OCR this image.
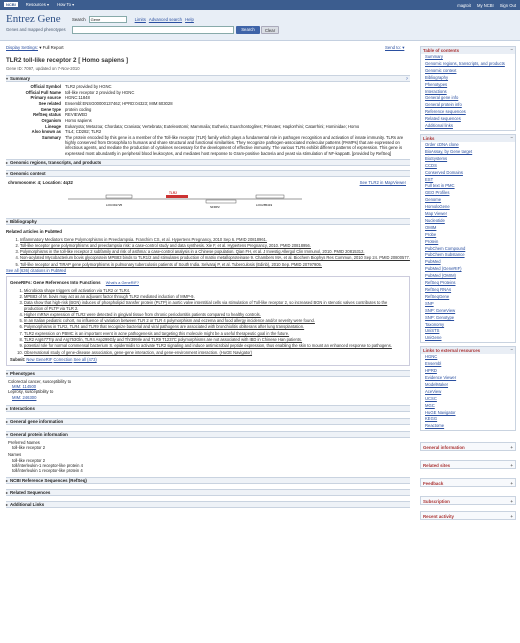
NCBI	Resources ▾ How To ▾	magtoit My NCBI Sign Out
Entrez Gene
Genes and mapped phenotypes
Search	Gene	Limits Advanced search Help
Search	Clear
Display Settings: ▾ Full Report	Send to: ▾
TLR2 toll-like receptor 2 [ Homo sapiens ]
Gene ID: 7097, updated on 7-Nov-2010
▾ Summary	?
Official Symbol	TLR2 provided by HGNC
Official Full Name	toll-like receptor 2 provided by HGNC
Primary source	HGNC:11848
See related	Ensembl:ENSG00000137462; HPRD:04323; MIM:603028
Gene type	protein coding
RefSeq status	REVIEWED
Organism	Homo sapiens
Lineage	Eukaryota; Metazoa; Chordata; Craniata; Vertebrata; Euteleostomi; Mammalia; Eutheria; Euarchontoglires; Primates; Haplorrhini; Catarrhini; Hominidae; Homo
Also known as	TIL4; CD282; TLR2
Summary	The protein encoded by this gene is a member of the Toll-like receptor (TLR) family which plays a fundamental role in pathogen recognition and activation of innate immunity. TLRs are highly conserved from Drosophila to humans and share structural and functional similarities. They recognize pathogen-associated molecular patterns (PAMPs) that are expressed on infectious agents, and mediate the production of cytokines necessary for the development of effective immunity. The various TLRs exhibit different patterns of expression. This gene is expressed most abundantly in peripheral blood leukocytes, and mediates host response to Gram-positive bacteria and yeast via stimulation of NF-kappaB. [provided by RefSeq]
▸ Genomic regions, transcripts, and products
▾ Genomic context
chromosome: 4; Location: 4q32	See TLR2 in MapViewer
LOC391725
TLR2
SFRP2	LOC285419
▾ Bibliography
Related articles in PubMed
1. Inflammatory Mediators Gene Polymorphisms in Preeclampsia. Franchim CS, et al. Hypertens Pregnancy, 2010 Sep 6. PMID 20818961.
2. Toll-like receptor gene polymorphisms and preeclampsia risk: a case-control study and data synthesis. Xie F, et al. Hypertens Pregnancy, 2010. PMID 20818956.
3. Polymorphisms in the toll-like receptor 2 subfamily and risk of asthma: a case-control analysis in a Chinese population. Qian FH, et al. J Investig Allergol Clin Immunol, 2010. PMID 20815312.
4. Non-acylated Mycobacterium bovis glycoprotein MPB83 binds to TLR1/2 and stimulates production of matrix metalloproteinase 9. Chambers MA, et al. Biochem Biophys Res Commun, 2010 Sep 24. PMID 20800577.
5. Toll-like receptor and TIRAP gene polymorphisms in pulmonary tuberculosis patients of South India. Selvaraj P, et al. Tuberculosis (Edinb), 2010 Sep. PMID 20797905.
See all (636) citations in PubMed
GeneRIFs: Gene References Into Functions What's a GeneRIF?
1. Microbiota shape triggers cell activation via TLR2 or TLR4.
2. MPB83 of M. bovis may act as an adjuvant factor through TLR2 mediated induction of MMP-9.
3. Data show that high-risk (BGN) induces of phospholipid transfer protein (PLTP) in aortic valve interstitial cells via stimulation of Toll-like receptor 2, so increased BGN in stenotic valves contributes to the production of PLTP via TLR 2.
4. Higher mRNA expression of TLR2 were detected in gingival tissue from chronic periodontitis patients compared to healthy controls.
5. In an Italian pediatric cohort, no influence of variation between TLR 2 or TLR 4 polymorphism and eczema and food allergy incidence and/or severity were found.
6. Polymorphisms in TLR2, TLR4 and TLR9 that recognize bacterial and viral pathogens are associated with bronchiolitis obliterans after lung transplantation.
7. TLR2 expression on PBMC is an important event in acne pathogenesis and targeting this molecule might be a useful therapeutic goal in the future.
8. TLR2 Arg677Trp and Arg753Gln, TLR4 Asp299Gly and Thr399Ile and TLR9 T1237C polymorphisms are not associated with IBD in Chinese Han patients.
9. potential role for normal commensal bacterium S. epidermidis to activate TLR2 signaling and induce antimicrobial peptide expression, thus enabling the skin to mount an enhanced response to pathogens.
10. Observational study of gene-disease association, gene-gene interaction, and gene-environment interaction. (HuGE Navigator)
Submit: New GeneRIF Correction See all (473)
▾ Phenotypes
Colorectal cancer, susceptibility to
MIM: 114500
Leprosy, susceptibility to
MIM: 246300
▸ Interactions
▸ General gene information
▾ General protein information
Preferred Names
toll-like receptor 2
Names
toll-like receptor 2
toll/interleukin-1 receptor-like protein 4
toll/interleukin 1 receptor-like protein 4
▸ NCBI Reference Sequences (RefSeq)
▸ Related Sequences
▸ Additional Links
Table of contents	–
Summary
Genomic regions, transcripts, and products
Genomic context
Bibliography
Phenotypes
Interactions
General gene info
General protein info
Reference sequences
Related sequences
Additional links
Links	–
Order cDNA clone
BioAssay, by Gene target
BioSystems
CCDS
Conserved Domains
EST
Full text in PMC
GEO Profiles
Genome
HomoloGene
Map Viewer
Nucleotide
OMIM
Probe
Protein
PubChem Compound
PubChem Substance
PubMed
PubMed (GeneRIF)
PubMed (OMIM)
RefSeq Proteins
RefSeq RNAs
RefSeqGene
SNP
SNP: GeneView
SNP: Genotype
Taxonomy
UniSTS
UniGene
Links to external resources	–
HGNC
Ensembl
HPRD
Evidence Viewer
ModelMaker
AceView
UCSC
MGC
HuGE Navigator
KEGG
Reactome
General information	+
Related sites	+
Feedback	+
Subscription	+
Recent activity	+
